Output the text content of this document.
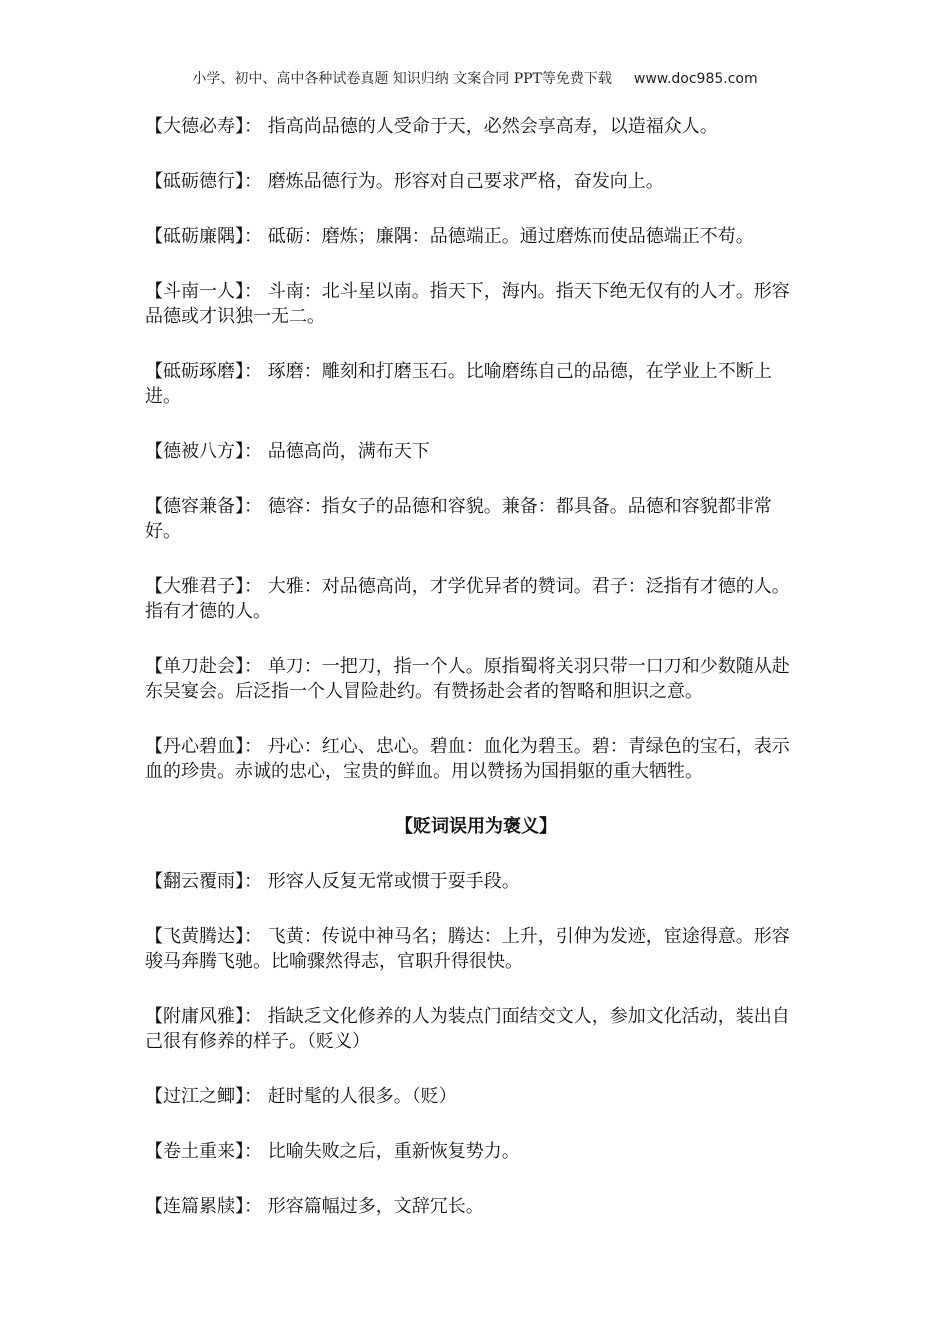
小学、初中、高中各种试卷真题 知识归纳 文案合同 PPT等免费下载 www.doc985.com
【大德必寿】： 指高尚品德的人受命于天，必然会享高寿，以造福众人。
【砥砺德行】： 磨炼品德行为。形容对自己要求严格，奋发向上。
【砥砺廉隅】： 砥砺：磨炼；廉隅：品德端正。通过磨炼而使品德端正不苟。
【斗南一人】： 斗南：北斗星以南。指天下，海内。指天下绝无仅有的人才。形容品德或才识独一无二。
【砥砺琢磨】： 琢磨：雕刻和打磨玉石。比喻磨练自己的品德，在学业上不断上进。
【德被八方】： 品德高尚，满布天下
【德容兼备】： 德容：指女子的品德和容貌。兼备：都具备。品德和容貌都非常好。
【大雅君子】： 大雅：对品德高尚，才学优异者的赞词。君子：泛指有才德的人。指有才德的人。
【单刀赴会】： 单刀：一把刀，指一个人。原指蜀将关羽只带一口刀和少数随从赴东吴宴会。后泛指一个人冒险赴约。有赞扬赴会者的智略和胆识之意。
【丹心碧血】： 丹心：红心、忠心。碧血：血化为碧玉。碧：青绿色的宝石，表示血的珍贵。赤诚的忠心，宝贵的鲜血。用以赞扬为国捐躯的重大牺牲。
【贬词误用为褒义】
【翻云覆雨】： 形容人反复无常或惯于耍手段。
【飞黄腾达】： 飞黄：传说中神马名；腾达：上升，引伸为发迹，宦途得意。形容骏马奔腾飞驰。比喻骤然得志，官职升得很快。
【附庸风雅】： 指缺乏文化修养的人为装点门面结交文人，参加文化活动，装出自己很有修养的样子。（贬义）
【过江之鲫】： 赶时髦的人很多。（贬）
【卷土重来】： 比喻失败之后，重新恢复势力。
【连篇累牍】： 形容篇幅过多，文辞冗长。
